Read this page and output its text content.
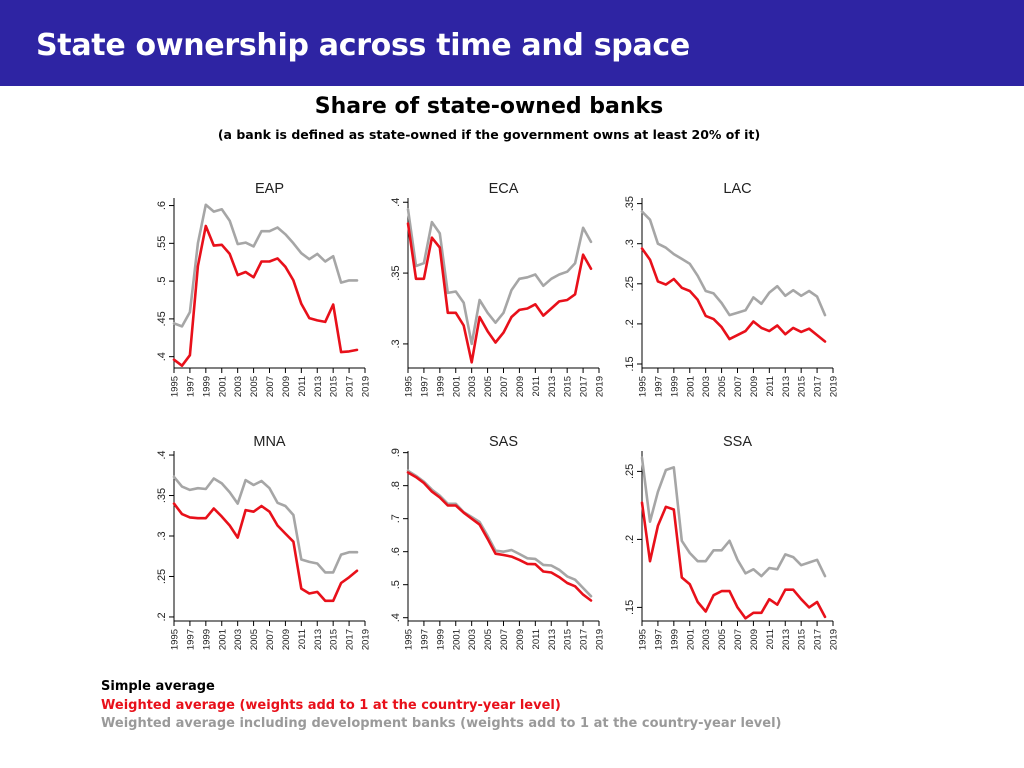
State ownership across time and space
Share of state-owned banks
(a bank is defined as state-owned if the government owns at least 20% of it)
EAP
.4
.45
.5
.55
.6
1995 1997 1999 2001 2003 2005 2007 2009 2011 2013 2015 2017 2019
ECA
.3
.35
.4
1995 1997 1999 2001 2003 2005 2007 2009 2011 2013 2015 2017 2019
LAC
.15
.2
.25
.3
.35
1995 1997 1999 2001 2003 2005 2007 2009 2011 2013 2015 2017 2019
MNA
.2
.25
.3
.35
.4
1995 1997 1999 2001 2003 2005 2007 2009 2011 2013 2015 2017 2019
SAS
.4
.5
.6
.7
.8
.9
1995 1997 1999 2001 2003 2005 2007 2009 2011 2013 2015 2017 2019
SSA
.15
.2
.25
1995 1997 1999 2001 2003 2005 2007 2009 2011 2013 2015 2017 2019
Simple average
Weighted average (weights add to 1 at the country-year level)
Weighted average including development banks (weights add to 1 at the country-year level)
